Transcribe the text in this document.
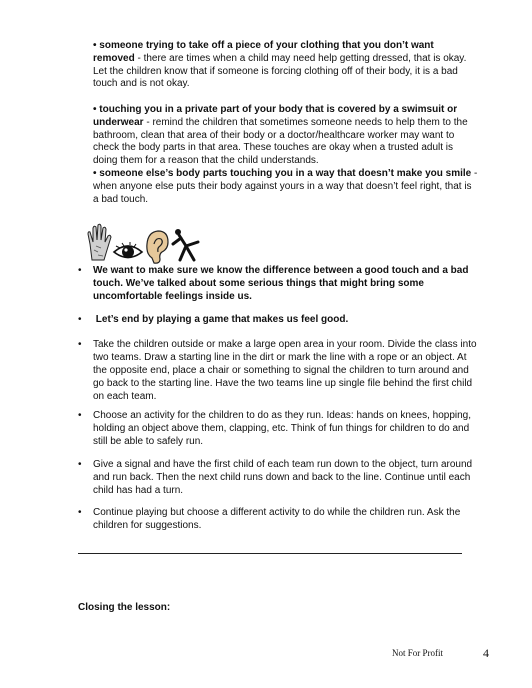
• someone trying to take off a piece of your clothing that you don’t want removed - there are times when a child may need help getting dressed, that is okay. Let the children know that if someone is forcing clothing off of their body, it is a bad touch and is not okay.

• touching you in a private part of your body that is covered by a swimsuit or underwear - remind the children that sometimes someone needs to help them to the bathroom, clean that area of their body or a doctor/healthcare worker may want to check the body parts in that area. These touches are okay when a trusted adult is doing them for a reason that the child understands.

• someone else’s body parts touching you in a way that doesn’t make you smile - when anyone else puts their body against yours in a way that doesn’t feel right, that is a bad touch.

•	We want to make sure we know the difference between a good touch and a bad touch. We’ve talked about some serious things that might bring some uncomfortable feelings inside us.
•	Let’s end by playing a game that makes us feel good.
•	Take the children outside or make a large open area in your room. Divide the class into two teams. Draw a starting line in the dirt or mark the line with a rope or an object. At the opposite end, place a chair or something to signal the children to turn around and go back to the starting line. Have the two teams line up single file behind the first child on each team.
•	Choose an activity for the children to do as they run. Ideas: hands on knees, hopping, holding an object above them, clapping, etc. Think of fun things for children to do and still be able to safely run.
•	Give a signal and have the first child of each team run down to the object, turn around and run back. Then the next child runs down and back to the line. Continue until each child has had a turn.
•	Continue playing but choose a different activity to do while the children run. Ask the children for suggestions.
Closing the lesson:
Not For Profit	4
